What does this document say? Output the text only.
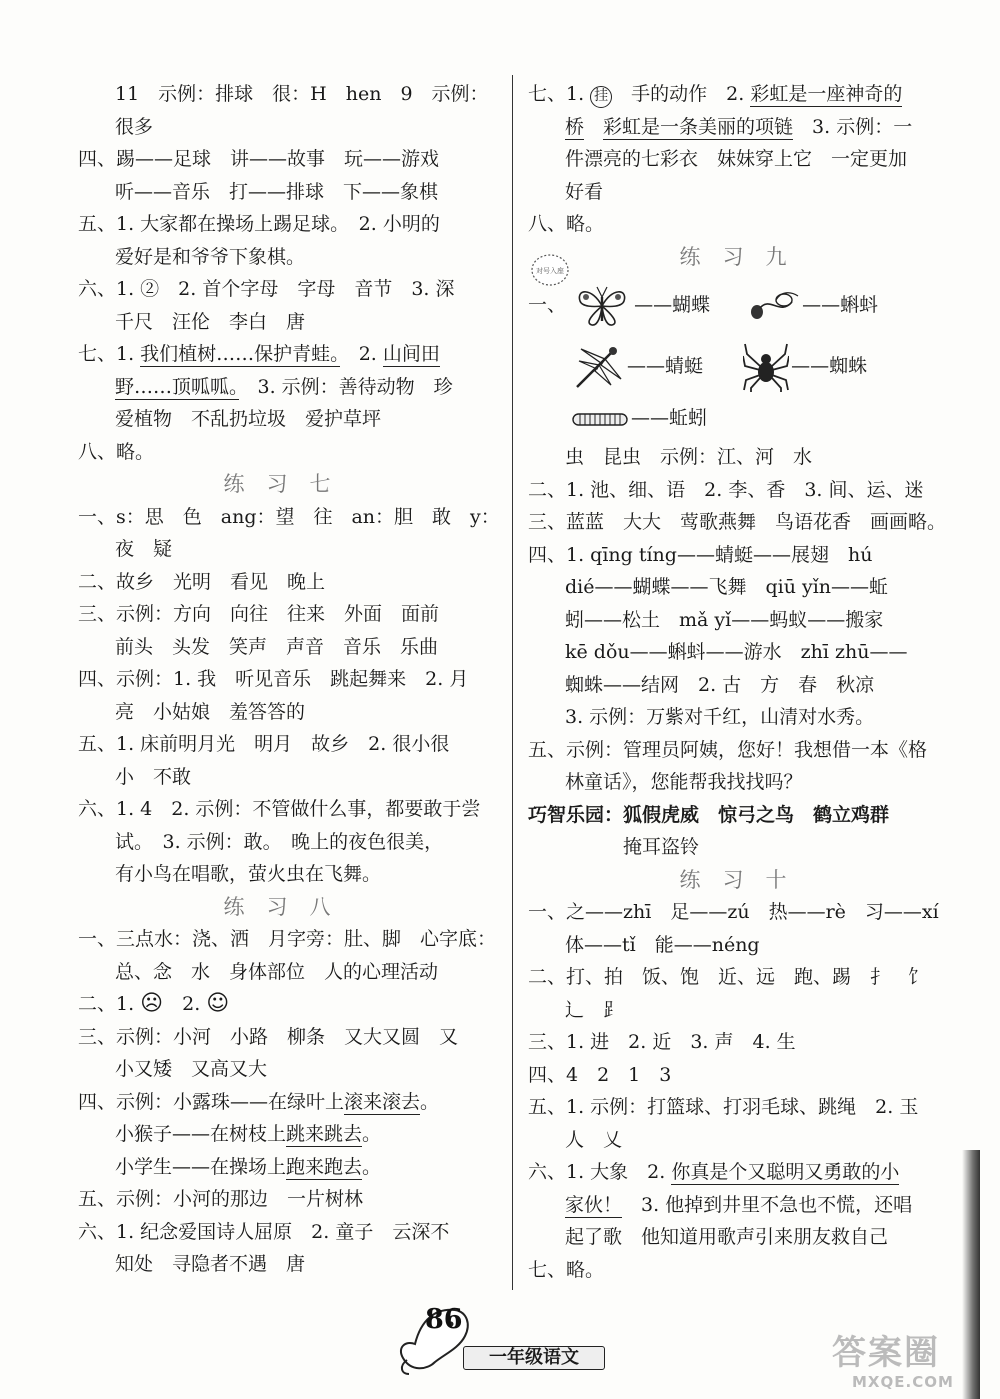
11　示例：排球　很：H　hen　9　示例：
很多
四、踢——足球　讲——故事　玩——游戏
听——音乐　打——排球　下——象棋
五、1. 大家都在操场上踢足球。　2. 小明的
爱好是和爷爷下象棋。
六、1. ②　2. 首个字母　字母　音节　3. 深
千尺　汪伦　李白　唐
七、1. 我们植树……保护青蛙。　2. 山间田
野……顶呱呱。　3. 示例：善待动物　珍
爱植物　不乱扔垃圾　爱护草坪
八、略。
练习七
一、s：思　色　ang：望　往　an：胆　敢　y：
夜　疑
二、故乡　光明　看见　晚上
三、示例：方向　向往　往来　外面　面前
前头　头发　笑声　声音　音乐　乐曲
四、示例：1. 我　听见音乐　跳起舞来　2. 月
亮　小姑娘　羞答答的
五、1. 床前明月光　明月　故乡　2. 很小很
小　不敢
六、1. 4　2. 示例：不管做什么事，都要敢于尝
试。　3. 示例：敢。　晚上的夜色很美，
有小鸟在唱歌，萤火虫在飞舞。
练习八
一、三点水：浇、洒　月字旁：肚、脚　心字底：
总、念　水　身体部位　人的心理活动
二、1. ☹　2. ☺
三、示例：小河　小路　柳条　又大又圆　又
小又矮　又高又大
四、示例：小露珠——在绿叶上滚来滚去。
小猴子——在树枝上跳来跳去。
小学生——在操场上跑来跑去。
五、示例：小河的那边　一片树林
六、1. 纪念爱国诗人屈原　2. 童子　云深不
知处　寻隐者不遇　唐
七、1. 挂　手的动作　2. 彩虹是一座神奇的
桥　 彩虹是一条美丽的项链　3. 示例：一
件漂亮的七彩衣　妹妹穿上它　一定更加
好看
八、略。
练习九
一、	——蝴蝶	——蝌蚪
——蜻蜓	——蜘蛛
——蚯蚓
虫　昆虫　示例：江、河　水
二、1. 池、细、语　2. 李、香　3. 间、运、迷
三、蓝蓝　大大　莺歌燕舞　鸟语花香　画画略。
四、1. qīng tíng——蜻蜓——展翅　hú
dié——蝴蝶——飞舞　qiū yǐn——蚯
蚓——松土　mǎ yǐ——蚂蚁——搬家
kē dǒu——蝌蚪——游水　zhī zhū——
蜘蛛——结网　2. 古　方　春　秋凉
3. 示例：万紫对千红，山清对水秀。
五、示例：管理员阿姨，您好！我想借一本《格
林童话》，您能帮我找找吗？
巧智乐园：狐假虎威　惊弓之鸟　鹤立鸡群
掩耳盗铃
练习十
一、之——zhī　足——zú　热——rè　习——xí
体——tǐ　能——néng
二、打、拍　饭、饱　近、远　跑、踢　扌　饣
辶　⻊
三、1. 进　2. 近　3. 声　4. 生
四、4　2　1　3
五、1. 示例：打篮球、打羽毛球、跳绳　2. 玉
人　乂
六、1. 大象　2. 你真是个又聪明又勇敢的小
家伙！　3. 他掉到井里不急也不慌，还唱
起了歌　他知道用歌声引来朋友救自己
七、略。
对号入座
86
一年级语文	答案圈
MXQE.COM
